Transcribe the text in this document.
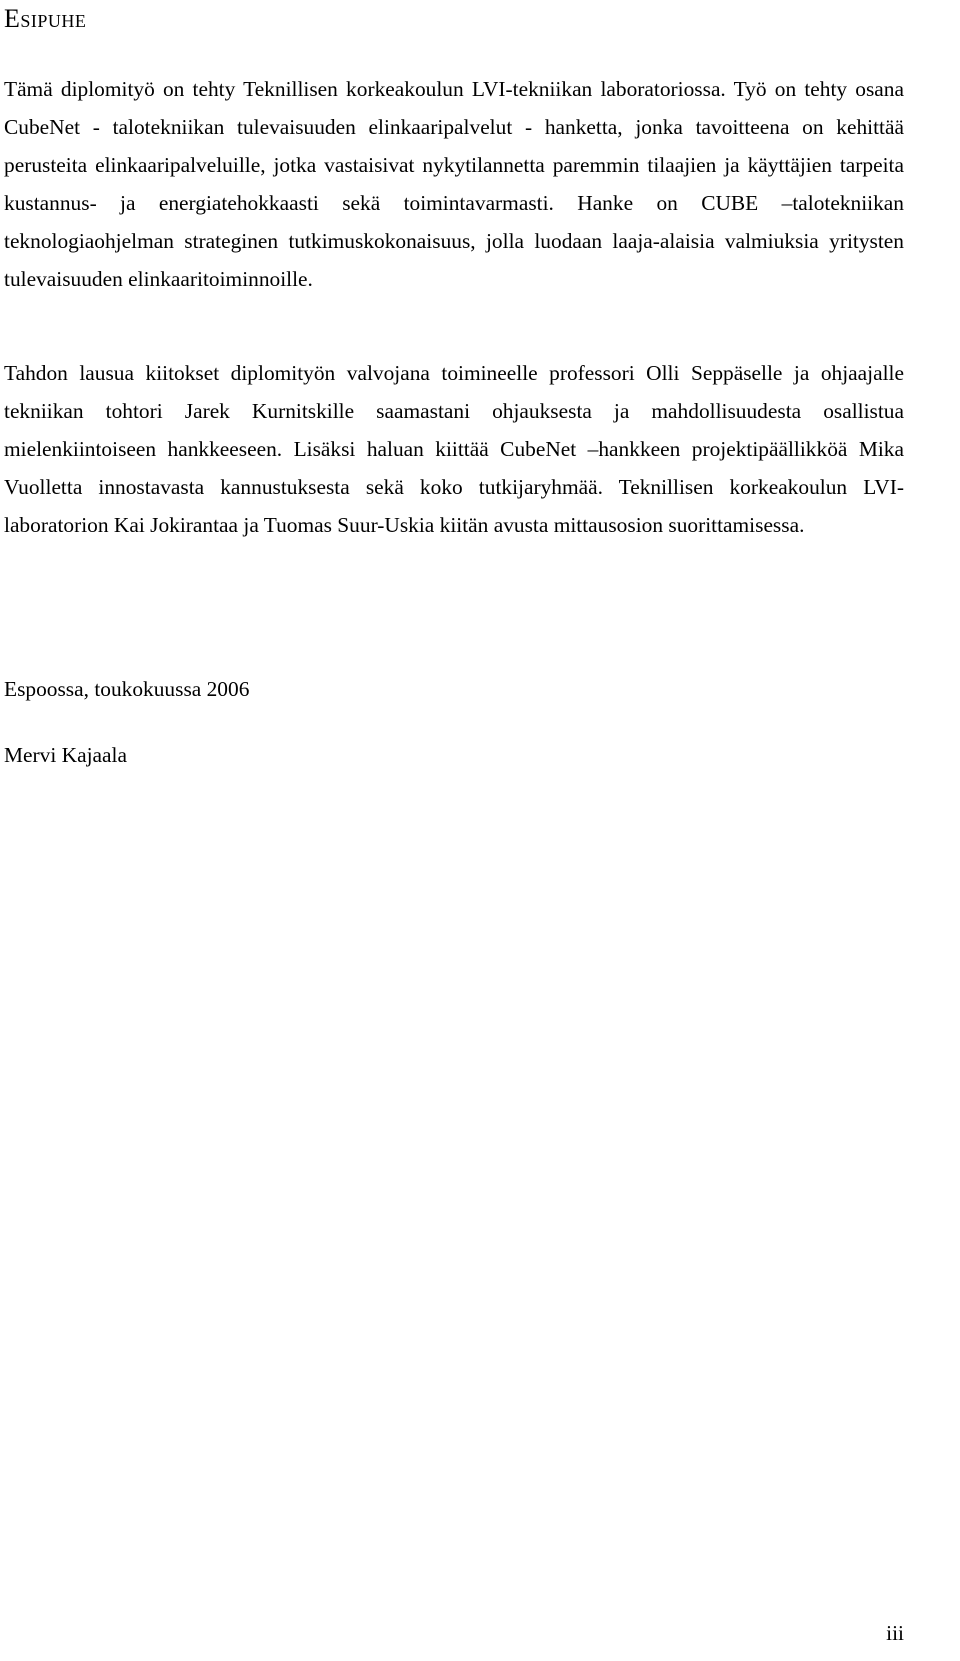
Esipuhe

Tämä diplomityö on tehty Teknillisen korkeakoulun LVI-tekniikan laboratoriossa. Työ on tehty osana CubeNet - talotekniikan tulevaisuuden elinkaaripalvelut - hanketta, jonka tavoitteena on kehittää perusteita elinkaaripalveluille, jotka vastaisivat nykytilannetta paremmin tilaajien ja käyttäjien tarpeita kustannus- ja energiatehokkaasti sekä toimintavarmasti. Hanke on CUBE –talotekniikan teknologiaohjelman strateginen tutkimuskokonaisuus, jolla luodaan laaja-alaisia valmiuksia yritysten tulevaisuuden elinkaaritoiminnoille.

Tahdon lausua kiitokset diplomityön valvojana toimineelle professori Olli Seppäselle ja ohjaajalle tekniikan tohtori Jarek Kurnitskille saamastani ohjauksesta ja mahdollisuudesta osallistua mielenkiintoiseen hankkeeseen. Lisäksi haluan kiittää CubeNet –hankkeen projektipäällikköä Mika Vuolletta innostavasta kannustuksesta sekä koko tutkijaryhmää. Teknillisen korkeakoulun LVI-laboratorion Kai Jokirantaa ja Tuomas Suur-Uskia kiitän avusta mittausosion suorittamisessa.

Espoossa, toukokuussa 2006

Mervi Kajaala

iii
